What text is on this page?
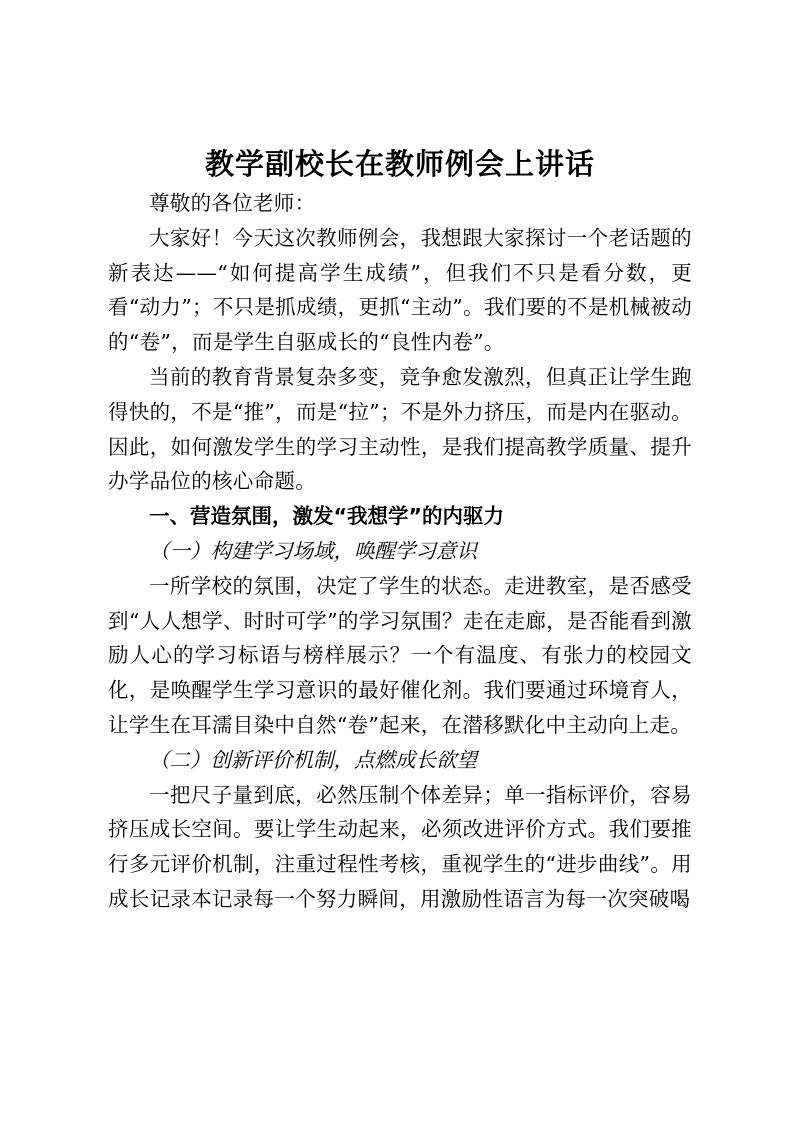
教学副校长在教师例会上讲话

尊敬的各位老师：

大家好！今天这次教师例会，我想跟大家探讨一个老话题的新表达——“如何提高学生成绩”，但我们不只是看分数，更看“动力”；不只是抓成绩，更抓“主动”。我们要的不是机械被动的“卷”，而是学生自驱成长的“良性内卷”。

当前的教育背景复杂多变，竞争愈发激烈，但真正让学生跑得快的，不是“推”，而是“拉”；不是外力挤压，而是内在驱动。因此，如何激发学生的学习主动性，是我们提高教学质量、提升办学品位的核心命题。

一、营造氛围，激发“我想学”的内驱力

（一）构建学习场域，唤醒学习意识

一所学校的氛围，决定了学生的状态。走进教室，是否感受到“人人想学、时时可学”的学习氛围？走在走廊，是否能看到激励人心的学习标语与榜样展示？一个有温度、有张力的校园文化，是唤醒学生学习意识的最好催化剂。我们要通过环境育人，让学生在耳濡目染中自然“卷”起来，在潜移默化中主动向上走。

（二）创新评价机制，点燃成长欲望

一把尺子量到底，必然压制个体差异；单一指标评价，容易挤压成长空间。要让学生动起来，必须改进评价方式。我们要推行多元评价机制，注重过程性考核，重视学生的“进步曲线”。用成长记录本记录每一个努力瞬间，用激励性语言为每一次突破喝
